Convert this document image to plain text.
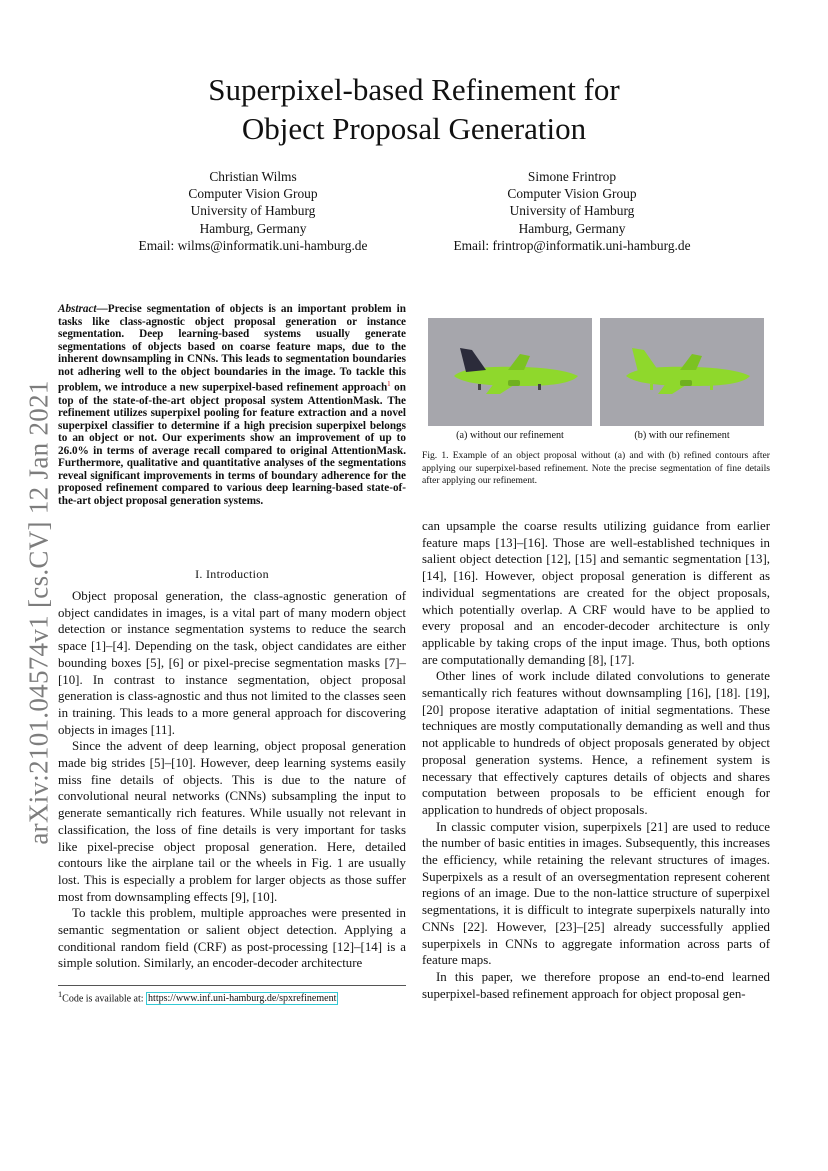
arXiv:2101.04574v1 [cs.CV] 12 Jan 2021
Superpixel-based Refinement for
Object Proposal Generation
Christian Wilms
Computer Vision Group
University of Hamburg
Hamburg, Germany
Email: wilms@informatik.uni-hamburg.de
Simone Frintrop
Computer Vision Group
University of Hamburg
Hamburg, Germany
Email: frintrop@informatik.uni-hamburg.de

Abstract—Precise segmentation of objects is an important problem in tasks like class-agnostic object proposal generation or instance segmentation. Deep learning-based systems usually generate segmentations of objects based on coarse feature maps, due to the inherent downsampling in CNNs. This leads to segmentation boundaries not adhering well to the object boundaries in the image. To tackle this problem, we introduce a new superpixel-based refinement approach$^1$ on top of the state-of-the-art object proposal system AttentionMask. The refinement utilizes superpixel pooling for feature extraction and a novel superpixel classifier to determine if a high precision superpixel belongs to an object or not. Our experiments show an improvement of up to 26.0% in terms of average recall compared to original AttentionMask. Furthermore, qualitative and quantitative analyses of the segmentations reveal significant improvements in terms of boundary adherence for the proposed refinement compared to various deep learning-based state-of-the-art object proposal generation systems.

I. Introduction

Object proposal generation, the class-agnostic generation of object candidates in images, is a vital part of many modern object detection or instance segmentation systems to reduce the search space [1]–[4]. Depending on the task, object candidates are either bounding boxes [5], [6] or pixel-precise segmentation masks [7]–[10]. In contrast to instance segmentation, object proposal generation is class-agnostic and thus not limited to the classes seen in training. This leads to a more general approach for discovering objects in images [11].

Since the advent of deep learning, object proposal generation made big strides [5]–[10]. However, deep learning systems easily miss fine details of objects. This is due to the nature of convolutional neural networks (CNNs) subsampling the input to generate semantically rich features. While usually not relevant in classification, the loss of fine details is very important for tasks like pixel-precise object proposal generation. Here, detailed contours like the airplane tail or the wheels in Fig. 1 are usually lost. This is especially a problem for larger objects as those suffer most from downsampling effects [9], [10].

To tackle this problem, multiple approaches were presented in semantic segmentation or salient object detection. Applying a conditional random field (CRF) as post-processing [12]–[14] is a simple solution. Similarly, an encoder-decoder architecture

$^1$Code is available at: https://www.inf.uni-hamburg.de/spxrefinement
(a) without our refinement	(b) with our refinement

Fig. 1. Example of an object proposal without (a) and with (b) refined contours after applying our superpixel-based refinement. Note the precise segmentation of fine details after applying our refinement.

can upsample the coarse results utilizing guidance from earlier feature maps [13]–[16]. Those are well-established techniques in salient object detection [12], [15] and semantic segmentation [13], [14], [16]. However, object proposal generation is different as individual segmentations are created for the object proposals, which potentially overlap. A CRF would have to be applied to every proposal and an encoder-decoder architecture is only applicable by taking crops of the input image. Thus, both options are computationally demanding [8], [17].

Other lines of work include dilated convolutions to generate semantically rich features without downsampling [16], [18]. [19], [20] propose iterative adaptation of initial segmentations. These techniques are mostly computationally demanding as well and thus not applicable to hundreds of object proposals generated by object proposal generation systems. Hence, a refinement system is necessary that effectively captures details of objects and shares computation between proposals to be efficient enough for application to hundreds of object proposals.

In classic computer vision, superpixels [21] are used to reduce the number of basic entities in images. Subsequently, this increases the efficiency, while retaining the relevant structures of images. Superpixels as a result of an oversegmentation represent coherent regions of an image. Due to the non-lattice structure of superpixel segmentations, it is difficult to integrate superpixels naturally into CNNs [22]. However, [23]–[25] already successfully applied superpixels in CNNs to aggregate information across parts of feature maps.

In this paper, we therefore propose an end-to-end learned superpixel-based refinement approach for object proposal gen-
